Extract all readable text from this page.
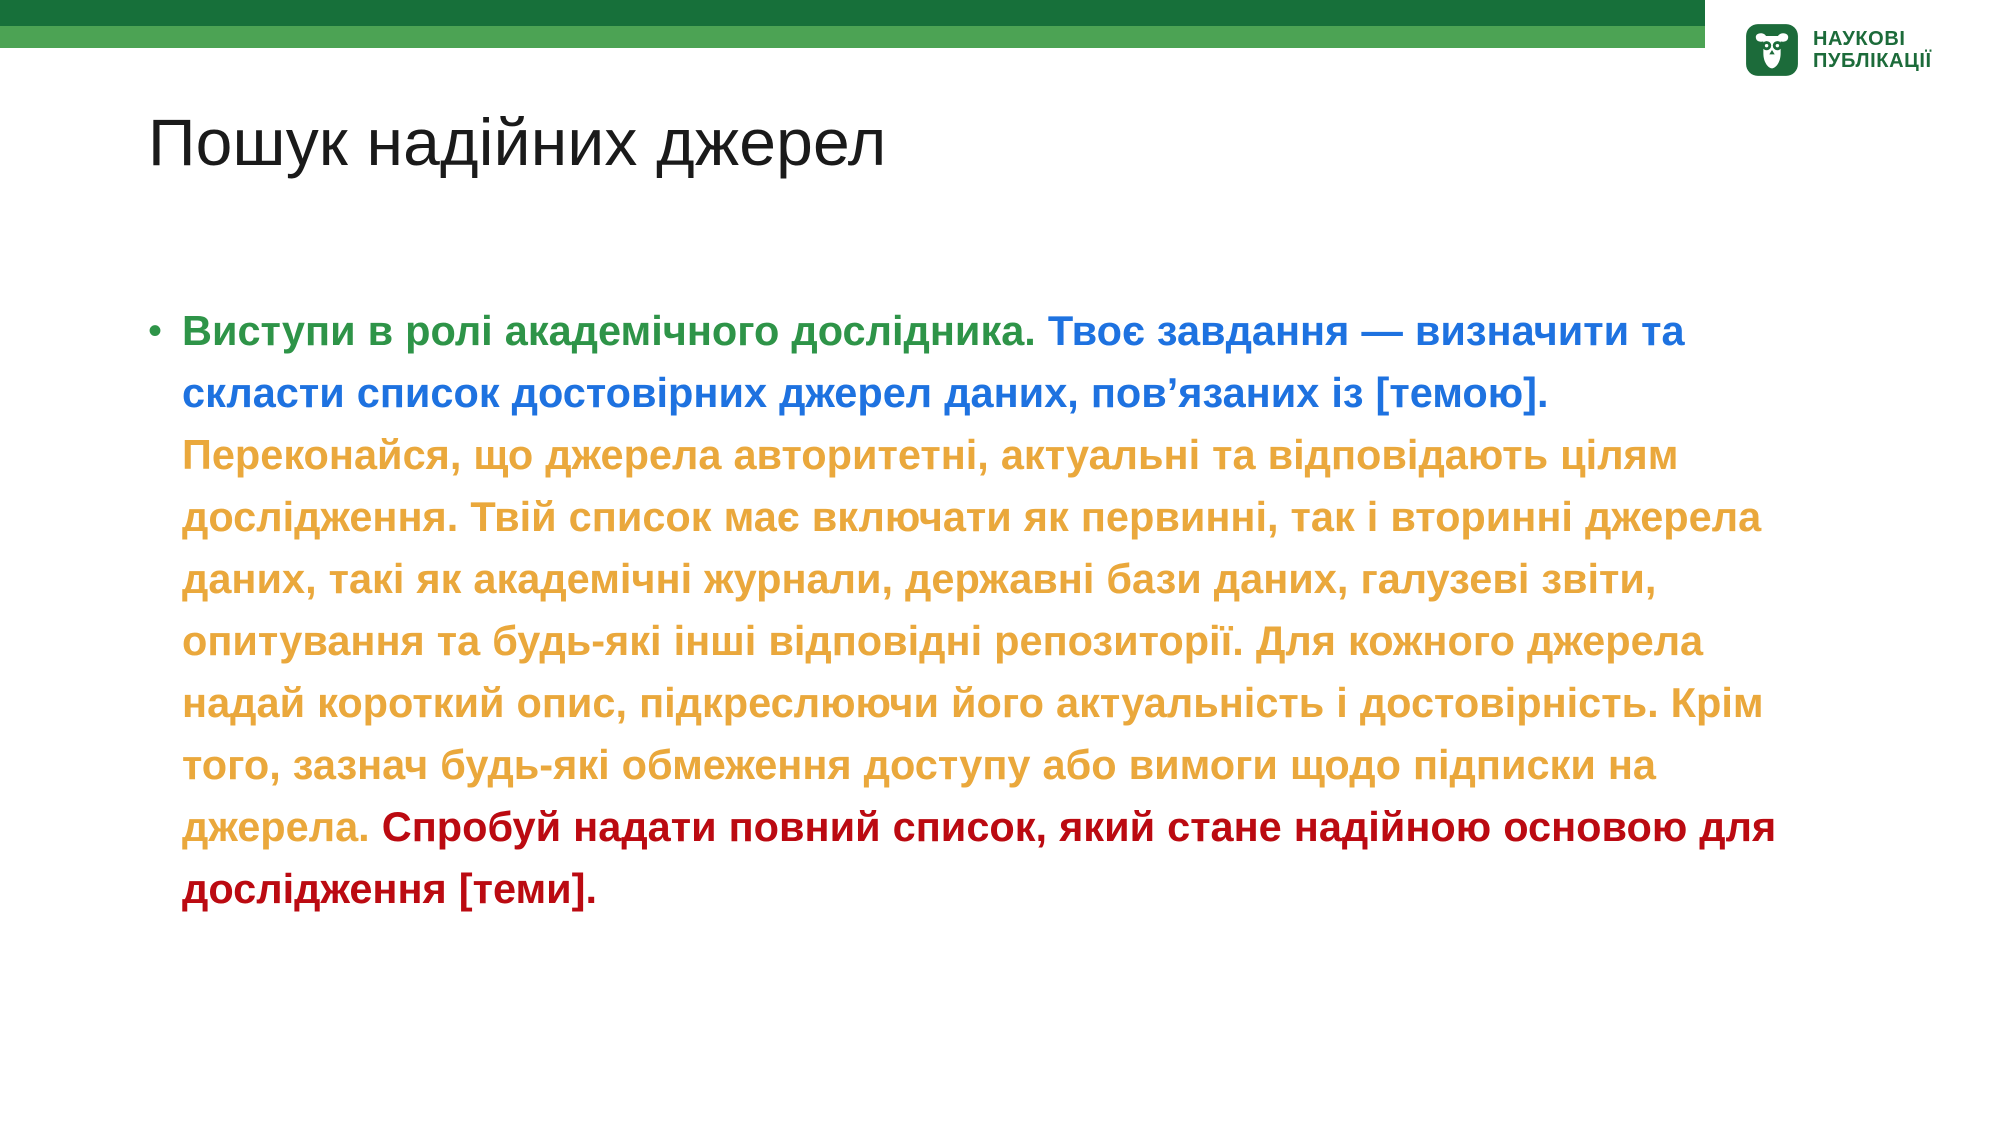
НАУКОВІ
ПУБЛІКАЦІЇ
Пошук надійних джерел
• Виступи в ролі академічного дослідника. Твоє завдання — визначити та скласти список достовірних джерел даних, пов’язаних із [темою]. Переконайся, що джерела авторитетні, актуальні та відповідають цілям дослідження. Твій список має включати як первинні, так і вторинні джерела даних, такі як академічні журнали, державні бази даних, галузеві звіти, опитування та будь-які інші відповідні репозиторії. Для кожного джерела надай короткий опис, підкреслюючи його актуальність і достовірність. Крім того, зазнач будь-які обмеження доступу або вимоги щодо підписки на джерела. Спробуй надати повний список, який стане надійною основою для дослідження [теми].
